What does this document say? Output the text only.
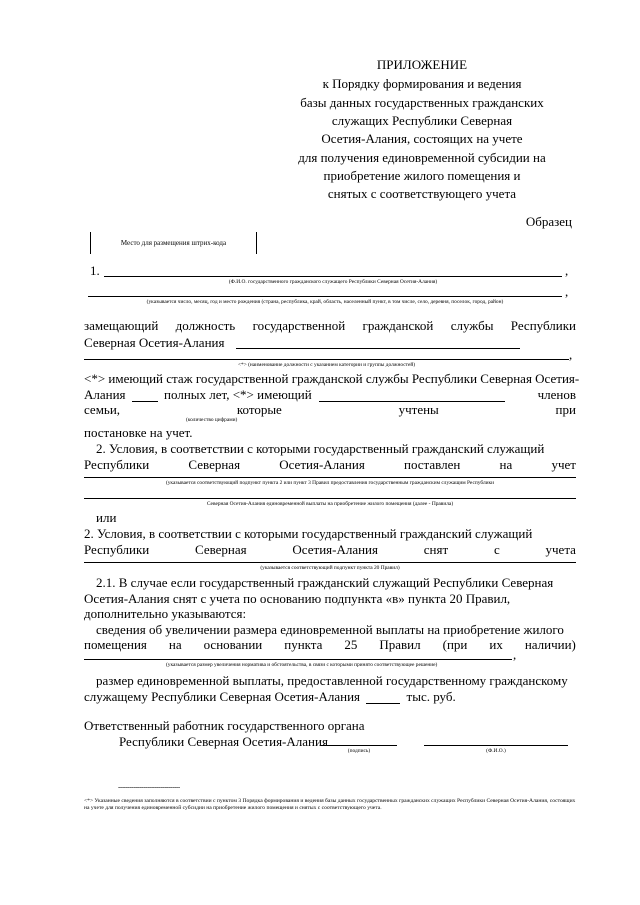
ПРИЛОЖЕНИЕ
к Порядку формирования и ведения
базы данных государственных гражданских
служащих Республики Северная
Осетия-Алания, состоящих на учете
для получения единовременной субсидии на
приобретение жилого помещения и
снятых с соответствующего учета
Образец
Место для размещения штрих-кода
1.	,
(Ф.И.О. государственного гражданского служащего Республики Северная Осетия-Алания)
,
(указывается число, месяц, год и место рождения (страна, республика, край, область, населенный пункт, в том числе, село, деревня, поселок, город, район)
замещающий должность государственной гражданской службы Республики
Северная Осетия-Алания
,
<*> (наименование должности с указанием категории и группы должностей)
<*> имеющий стаж государственной гражданской службы Республики Северная Осетия-
Алания	полных лет, <*> имеющий	членов
семьи,	которые	учтены	при
(количество цифрами)
постановке на учет.
2. Условия, в соответствии с которыми государственный гражданский служащий
Республики	Северная	Осетия-Алания	поставлен	на	учет
(указывается соответствующий подпункт пункта 2 или пункт 3 Правил предоставления государственным гражданским служащим Республики
Северная Осетия-Алания единовременной выплаты на приобретение жилого помещения (далее - Правила)
или
2. Условия, в соответствии с которыми государственный гражданский служащий
Республики	Северная	Осетия-Алания	снят	с	учета
(указывается соответствующий подпункт пункта 20 Правил)
2.1. В случае если государственный гражданский служащий Республики Северная
Осетия-Алания снят с учета по основанию подпункта «в» пункта 20 Правил,
дополнительно указываются:
сведения об увеличении размера единовременной выплаты на приобретение жилого
помещения на основании пункта 25 Правил (при их наличии)
,
(указывается размер увеличения норматива и обстоятельства, в связи с которыми принято соответствующее решение)
размер единовременной выплаты, предоставленной государственному гражданскому
служащему Республики Северная Осетия-Алания	тыс. руб.
Ответственный работник государственного органа
Республики Северная Осетия-Алания
(подпись)	(Ф.И.О.)
--------------------------------
<*> Указанные сведения заполняются в соответствии с пунктом 3 Порядка формирования и ведения базы данных государственных гражданских служащих Республики Северная Осетия-Алания, состоящих на учете для получения единовременной субсидии на приобретение жилого помещения и снятых с соответствующего учета.
